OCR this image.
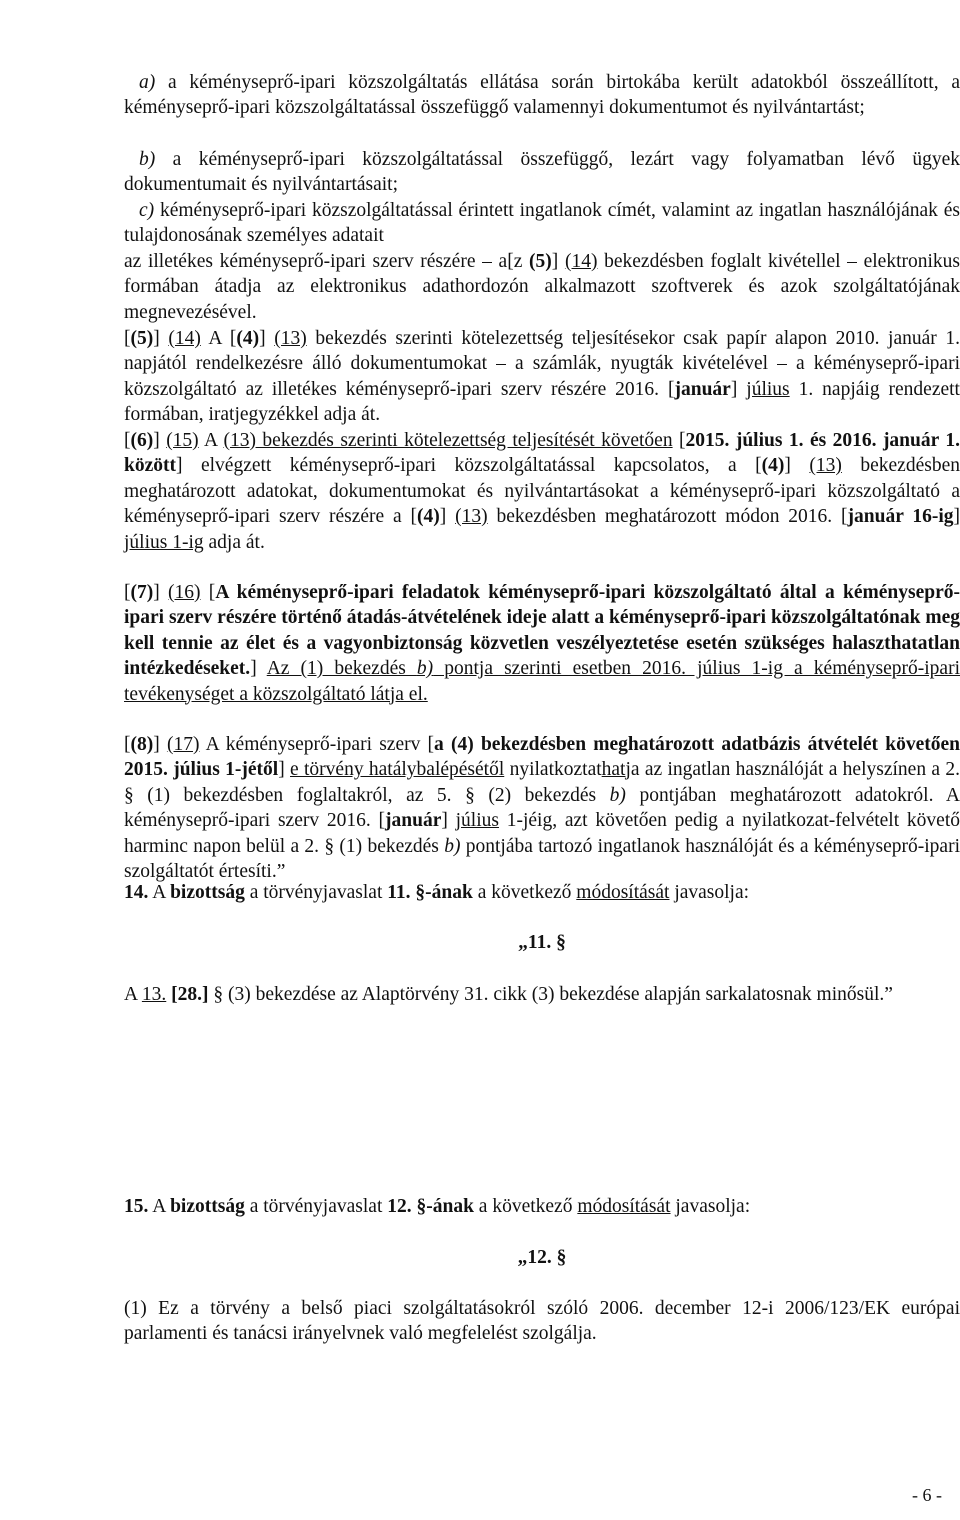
a) a kéményseprő-ipari közszolgáltatás ellátása során birtokába került adatokból összeállított, a kéményseprő-ipari közszolgáltatással összefüggő valamennyi dokumentumot és nyilvántartást;

b) a kéményseprő-ipari közszolgáltatással összefüggő, lezárt vagy folyamatban lévő ügyek dokumentumait és nyilvántartásait;

c) kéményseprő-ipari közszolgáltatással érintett ingatlanok címét, valamint az ingatlan használójának és tulajdonosának személyes adatait

az illetékes kéményseprő-ipari szerv részére – a[z (5)] (14) bekezdésben foglalt kivétellel – elektronikus formában átadja az elektronikus adathordozón alkalmazott szoftverek és azok szolgáltatójának megnevezésével.

[(5)] (14) A [(4)] (13) bekezdés szerinti kötelezettség teljesítésekor csak papír alapon 2010. január 1. napjától rendelkezésre álló dokumentumokat – a számlák, nyugták kivételével – a kéményseprő-ipari közszolgáltató az illetékes kéményseprő-ipari szerv részére 2016. [január] július 1. napjáig rendezett formában, iratjegyzékkel adja át.

[(6)] (15) A (13) bekezdés szerinti kötelezettség teljesítését követően [2015. július 1. és 2016. január 1. között] elvégzett kéményseprő-ipari közszolgáltatással kapcsolatos, a [(4)] (13) bekezdésben meghatározott adatokat, dokumentumokat és nyilvántartásokat a kéményseprő-ipari közszolgáltató a kéményseprő-ipari szerv részére a [(4)] (13) bekezdésben meghatározott módon 2016. [január 16-ig] július 1-ig adja át.

[(7)] (16) [A kéményseprő-ipari feladatok kéményseprő-ipari közszolgáltató által a kéményseprő-ipari szerv részére történő átadás-átvételének ideje alatt a kéményseprő-ipari közszolgáltatónak meg kell tennie az élet és a vagyonbiztonság közvetlen veszélyeztetése esetén szükséges halaszthatatlan intézkedéseket.] Az (1) bekezdés b) pontja szerinti esetben 2016. július 1-ig a kéményseprő-ipari tevékenységet a közszolgáltató látja el.

[(8)] (17) A kéményseprő-ipari szerv [a (4) bekezdésben meghatározott adatbázis átvételét követően 2015. július 1-jétől] e törvény hatálybalépésétől nyilatkoztathatja az ingatlan használóját a helyszínen a 2. § (1) bekezdésben foglaltakról, az 5. § (2) bekezdés b) pontjában meghatározott adatokról. A kéményseprő-ipari szerv 2016. [január] július 1-jéig, azt követően pedig a nyilatkozat-felvételt követő harminc napon belül a 2. § (1) bekezdés b) pontjába tartozó ingatlanok használóját és a kéményseprő-ipari szolgáltatót értesíti.”

14. A bizottság a törvényjavaslat 11. §-ának a következő módosítását javasolja:

„11. §

A 13. [28.] § (3) bekezdése az Alaptörvény 31. cikk (3) bekezdése alapján sarkalatosnak minősül.”

15. A bizottság a törvényjavaslat 12. §-ának a következő módosítását javasolja:

„12. §

(1) Ez a törvény a belső piaci szolgáltatásokról szóló 2006. december 12-i 2006/123/EK európai parlamenti és tanácsi irányelvnek való megfelelést szolgálja.

- 6 -
